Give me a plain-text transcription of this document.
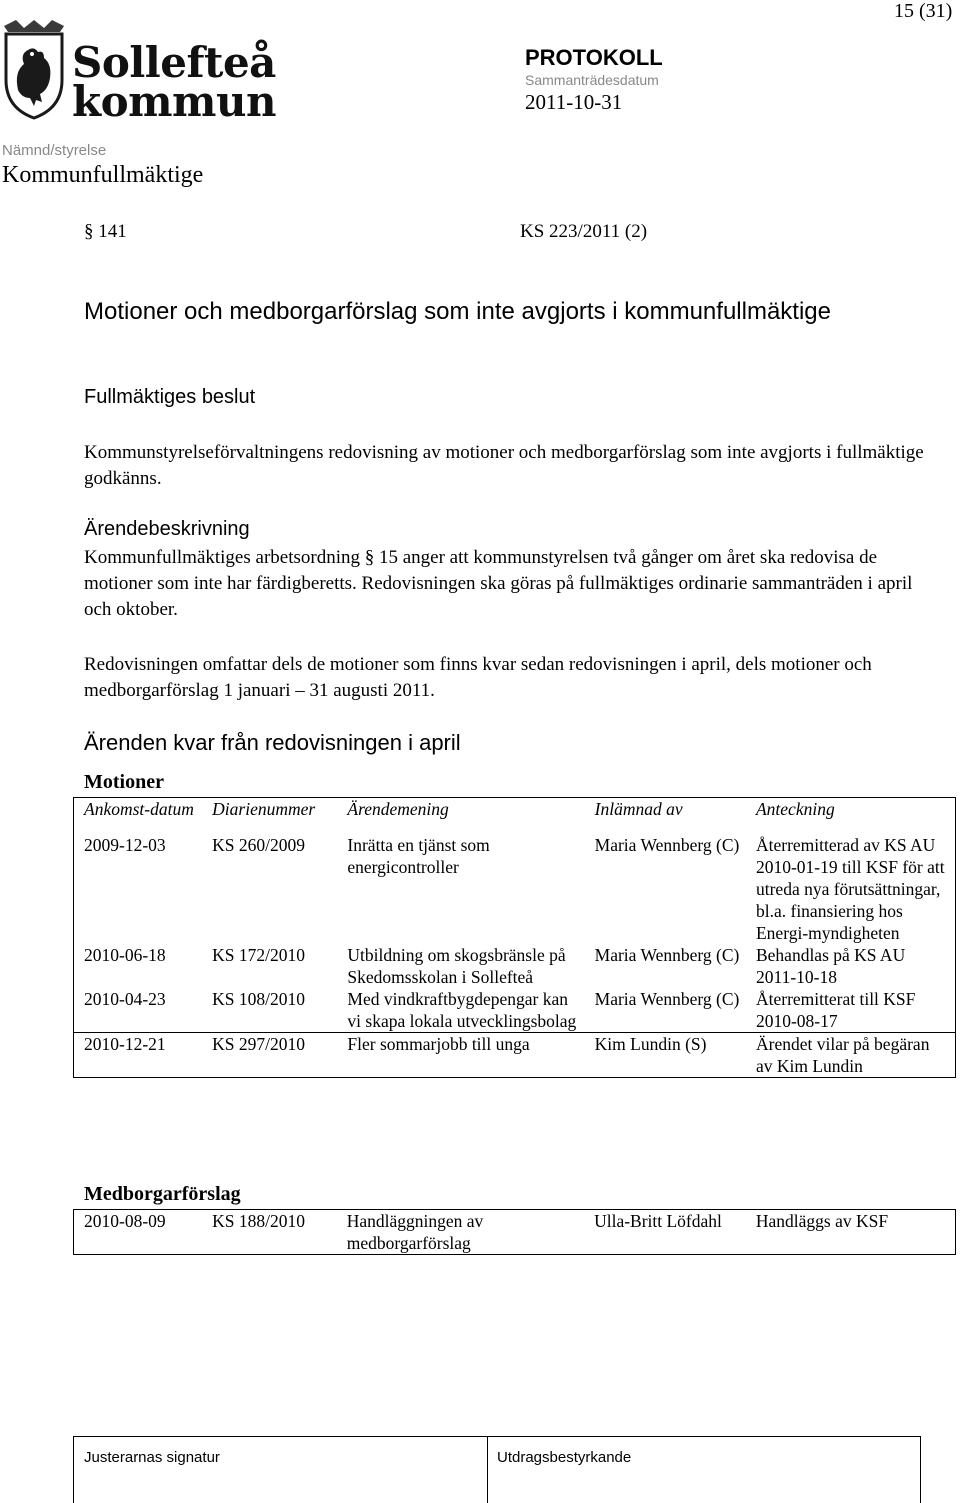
15 (31)
Sollefteå
kommun
PROTOKOLL
Sammanträdesdatum
2011-10-31
Nämnd/styrelse
Kommunfullmäktige
§ 141	KS 223/2011 (2)
Motioner och medborgarförslag som inte avgjorts i kommunfullmäktige
Fullmäktiges beslut
Kommunstyrelseförvaltningens redovisning av motioner och medborgarförslag som inte avgjorts i fullmäktige godkänns.
Ärendebeskrivning
Kommunfullmäktiges arbetsordning § 15 anger att kommunstyrelsen två gånger om året ska redovisa de motioner som inte har färdigberetts. Redovisningen ska göras på fullmäktiges ordinarie sammanträden i april och oktober.
Redovisningen omfattar dels de motioner som finns kvar sedan redovisningen i april, dels motioner och medborgarförslag 1 januari – 31 augusti 2011.
Ärenden kvar från redovisningen i april
Motioner
Ankomst-datum	Diarienummer	Ärendemening	Inlämnad av	Anteckning
2009-12-03	KS 260/2009	Inrätta en tjänst som energicontroller	Maria Wennberg (C)	Återremitterad av KS AU 2010-01-19 till KSF för att utreda nya förutsättningar, bl.a. finansiering hos Energi-myndigheten
2010-06-18	KS 172/2010	Utbildning om skogsbränsle på Skedomsskolan i Sollefteå	Maria Wennberg (C)	Behandlas på KS AU 2011-10-18
2010-04-23	KS 108/2010	Med vindkraftbygdepengar kan vi skapa lokala utvecklingsbolag	Maria Wennberg (C)	Återremitterat till KSF 2010-08-17
2010-12-21	KS 297/2010	Fler sommarjobb till unga	Kim Lundin (S)	Ärendet vilar på begäran av Kim Lundin
Medborgarförslag
2010-08-09	KS 188/2010	Handläggningen av medborgarförslag	Ulla-Britt Löfdahl	Handläggs av KSF
Justerarnas signatur	Utdragsbestyrkande
